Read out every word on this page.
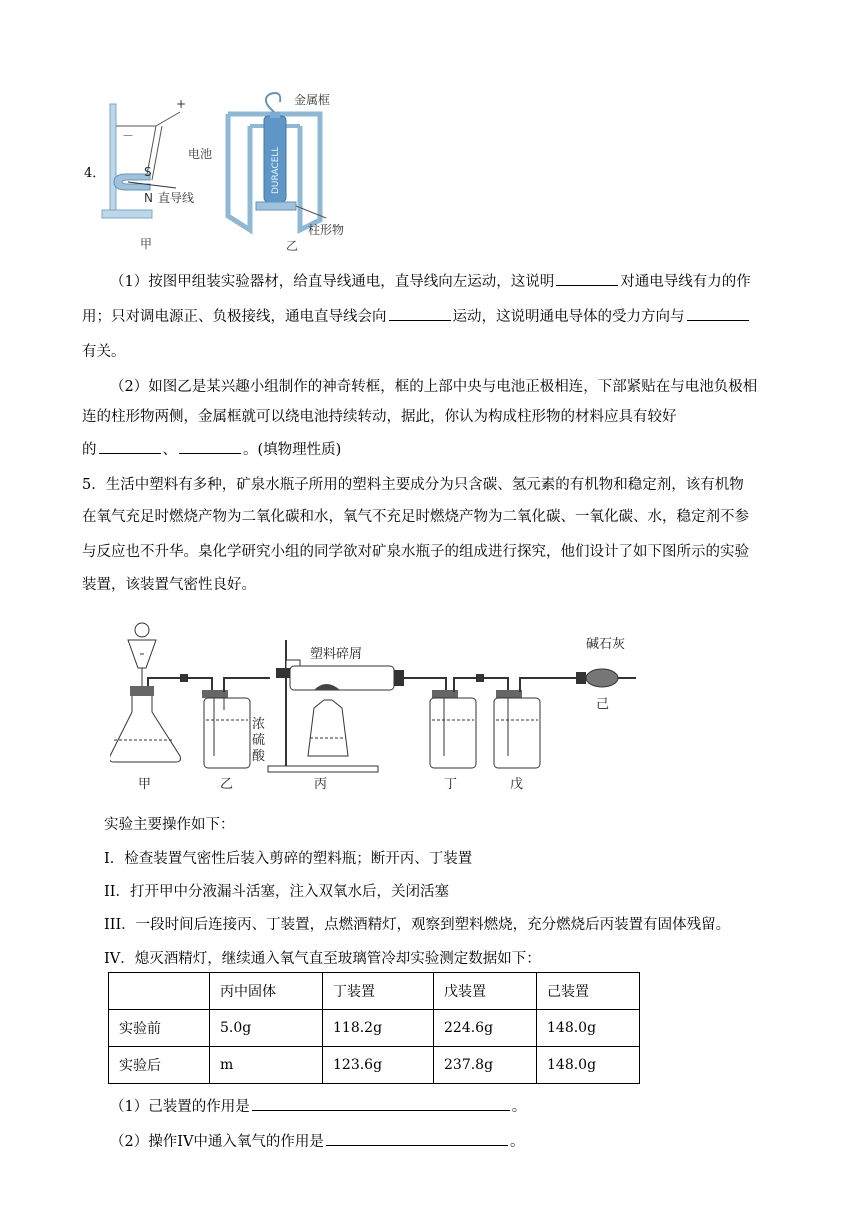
4．
+
－
S
N 直导线
甲
DURACELL
金属框
电池
柱形物
乙
（1）按图甲组装实验器材，给直导线通电，直导线向左运动，这说明	对通电导线有力的作
用；只对调电源正、负极接线，通电直导线会向	运动，这说明通电导体的受力方向与
有关。
（2）如图乙是某兴趣小组制作的神奇转框，框的上部中央与电池正极相连，下部紧贴在与电池负极相
连的柱形物两侧，金属框就可以绕电池持续转动，据此，你认为构成柱形物的材料应具有较好
的	、	。(填物理性质)
5．生活中塑料有多种，矿泉水瓶子所用的塑料主要成分为只含碳、氢元素的有机物和稳定剂，该有机物
在氧气充足时燃烧产物为二氧化碳和水，氧气不充足时燃烧产物为二氧化碳、一氧化碳、水，稳定剂不参
与反应也不升华。臬化学研究小组的同学欲对矿泉水瓶子的组成进行探究，他们设计了如下图所示的实验
装置，该装置气密性良好。
浓
硫
酸
塑料碎屑
碱石灰
己
甲	乙	丙	丁	戊
实验主要操作如下：
I．检查装置气密性后装入剪碎的塑料瓶；断开丙、丁装置
II．打开甲中分液漏斗活塞，注入双氧水后，关闭活塞
III．一段时间后连接丙、丁装置，点燃酒精灯，观察到塑料燃烧，充分燃烧后丙装置有固体残留。
IV．熄灭酒精灯，继续通入氧气直至玻璃管冷却实验测定数据如下：
	丙中固体	丁装置	戊装置	己装置
实验前	5.0g	118.2g	224.6g	148.0g
实验后	m	123.6g	237.8g	148.0g
（1）己装置的作用是	。
（2）操作IV中通入氧气的作用是	。
